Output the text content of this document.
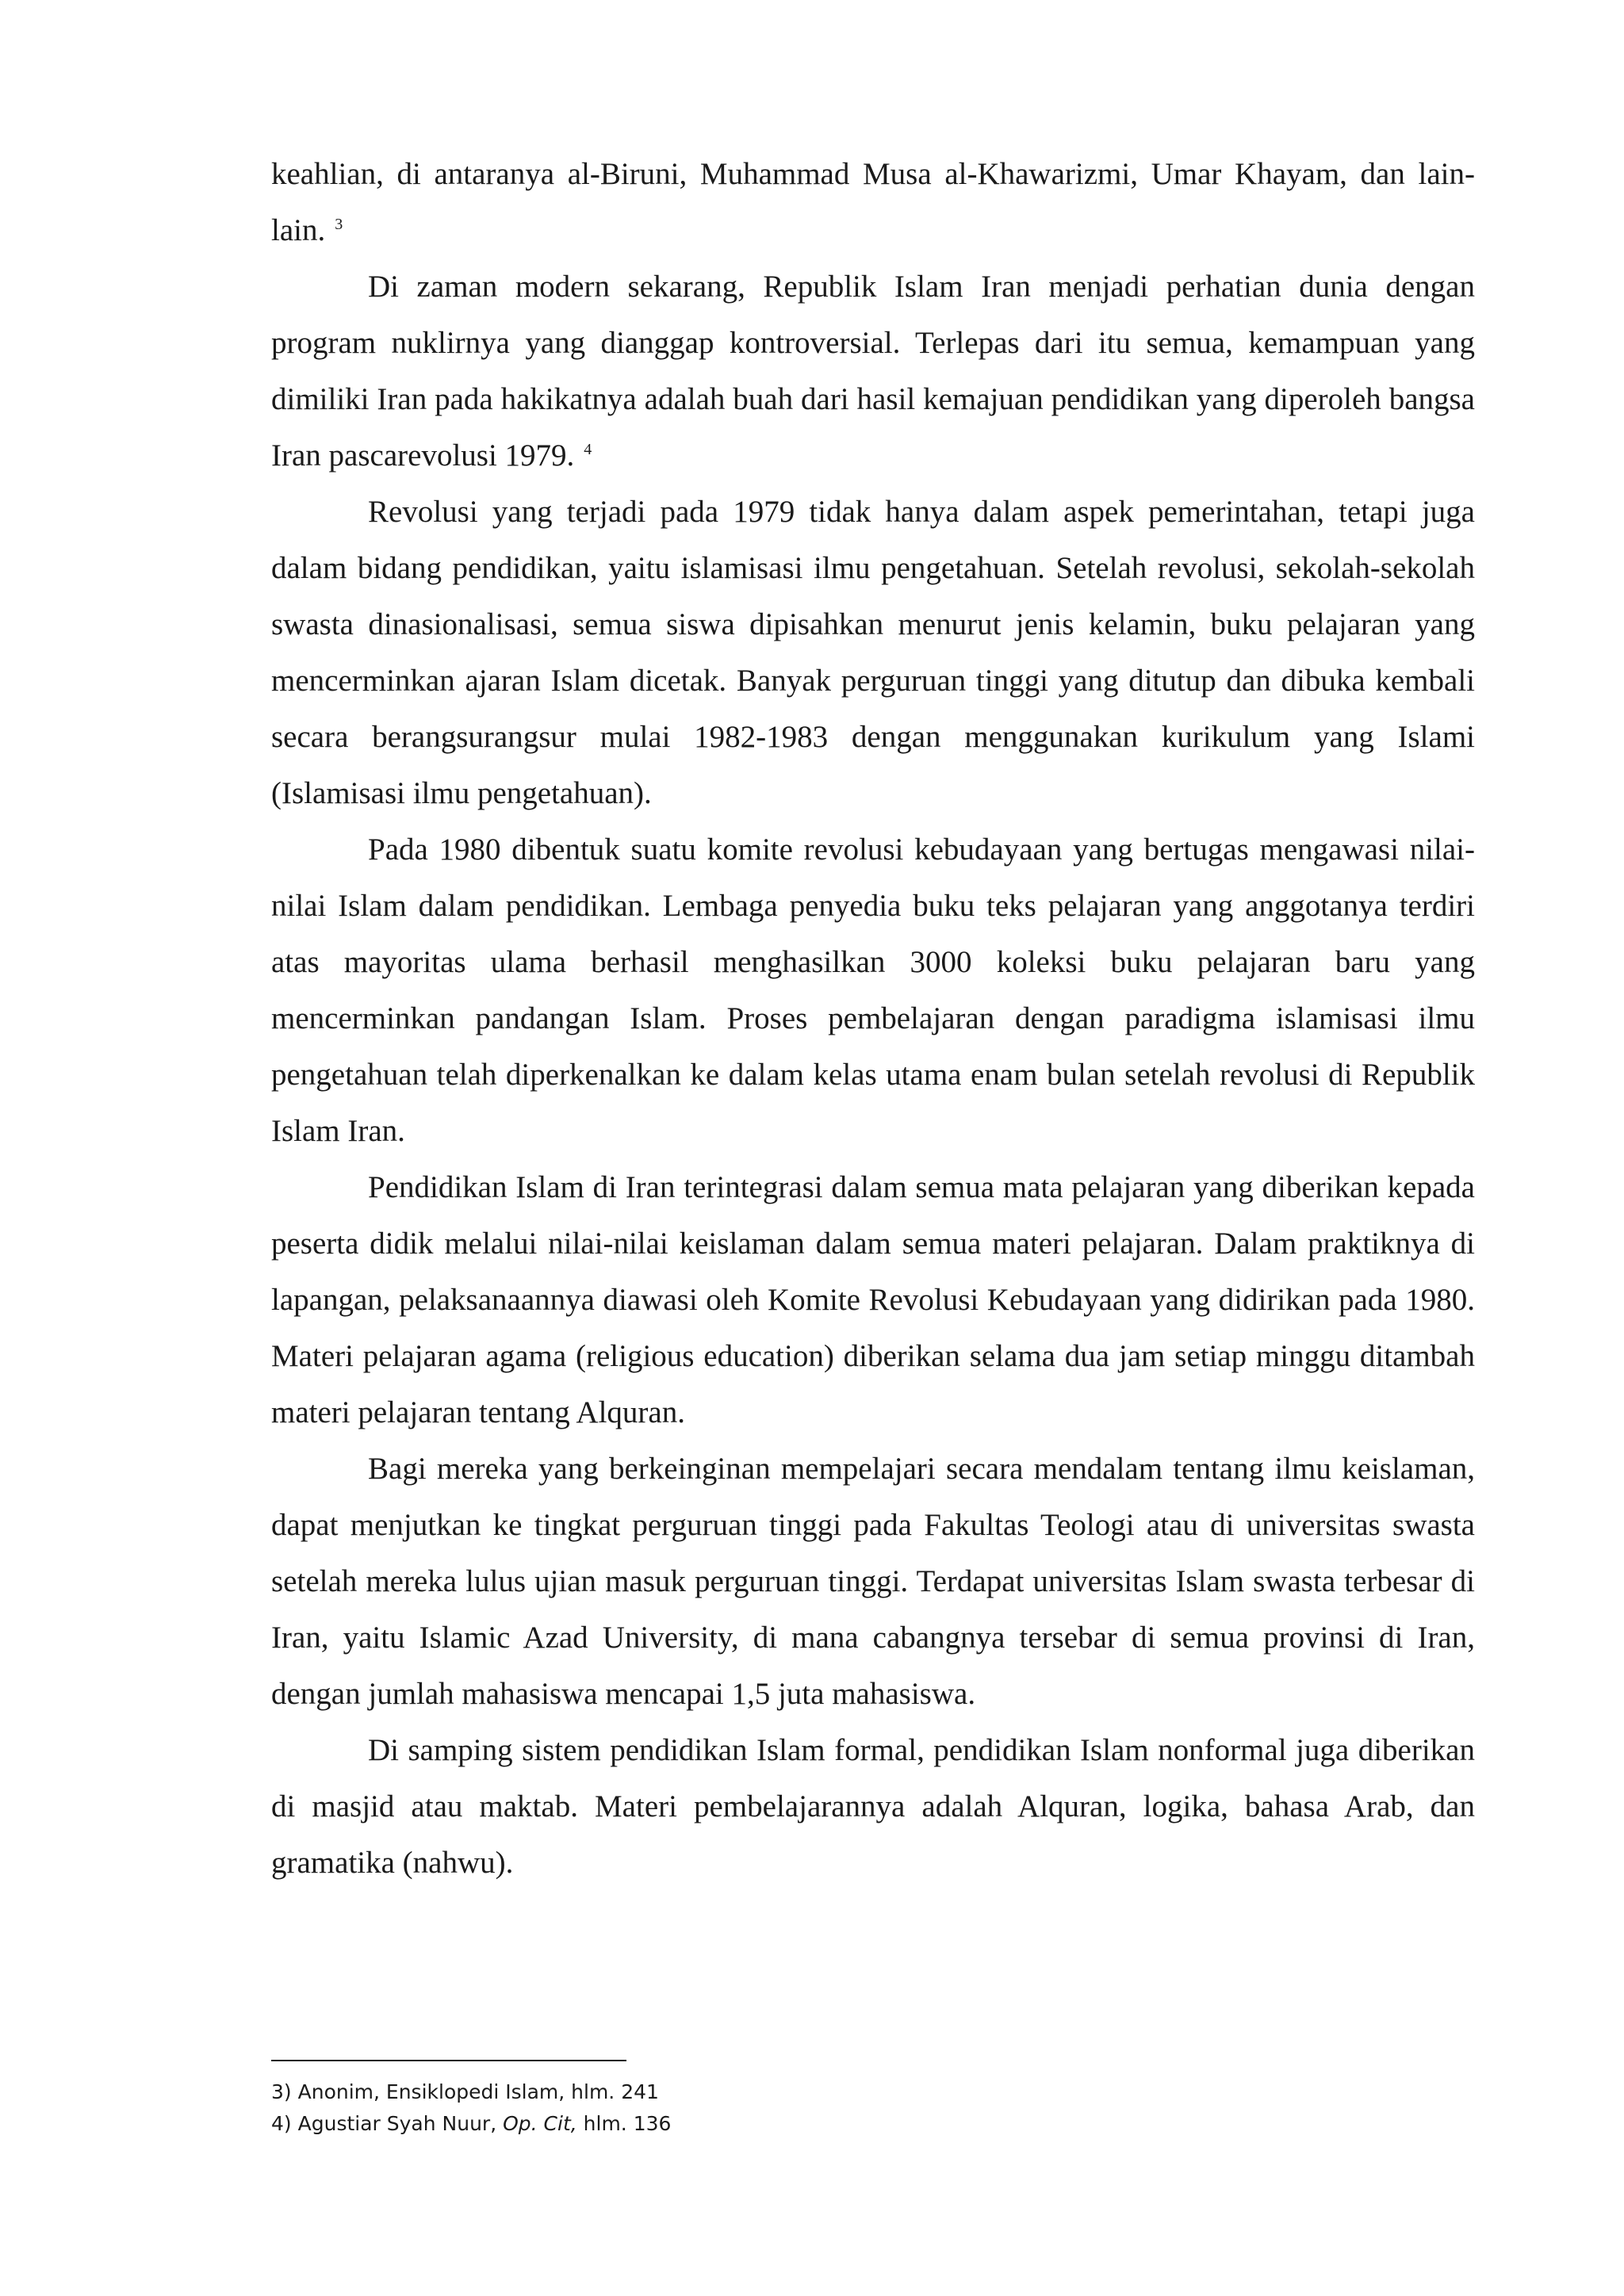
keahlian, di antaranya al-Biruni, Muhammad Musa al-Khawarizmi, Umar Khayam, dan lain-lain. $^3$

Di zaman modern sekarang, Republik Islam Iran menjadi perhatian dunia dengan program nuklirnya yang dianggap kontroversial. Terlepas dari itu semua, kemampuan yang dimiliki Iran pada hakikatnya adalah buah dari hasil kemajuan pendidikan yang diperoleh bangsa Iran pascarevolusi 1979. $^4$

Revolusi yang terjadi pada 1979 tidak hanya dalam aspek pemerintahan, tetapi juga dalam bidang pendidikan, yaitu islamisasi ilmu pengetahuan. Setelah revolusi, sekolah-sekolah swasta dinasionalisasi, semua siswa dipisahkan menurut jenis kelamin, buku pelajaran yang mencerminkan ajaran Islam dicetak. Banyak perguruan tinggi yang ditutup dan dibuka kembali secara berangsurangsur mulai 1982-1983 dengan menggunakan kurikulum yang Islami (Islamisasi ilmu pengetahuan).

Pada 1980 dibentuk suatu komite revolusi kebudayaan yang bertugas mengawasi nilai-nilai Islam dalam pendidikan. Lembaga penyedia buku teks pelajaran yang anggotanya terdiri atas mayoritas ulama berhasil menghasilkan 3000 koleksi buku pelajaran baru yang mencerminkan pandangan Islam. Proses pembelajaran dengan paradigma islamisasi ilmu pengetahuan telah diperkenalkan ke dalam kelas utama enam bulan setelah revolusi di Republik Islam Iran.

Pendidikan Islam di Iran terintegrasi dalam semua mata pelajaran yang diberikan kepada peserta didik melalui nilai-nilai keislaman dalam semua materi pelajaran. Dalam praktiknya di lapangan, pelaksanaannya diawasi oleh Komite Revolusi Kebudayaan yang didirikan pada 1980. Materi pelajaran agama (religious education) diberikan selama dua jam setiap minggu ditambah materi pelajaran tentang Alquran.

Bagi mereka yang berkeinginan mempelajari secara mendalam tentang ilmu keislaman, dapat menjutkan ke tingkat perguruan tinggi pada Fakultas Teologi atau di universitas swasta setelah mereka lulus ujian masuk perguruan tinggi. Terdapat universitas Islam swasta terbesar di Iran, yaitu Islamic Azad University, di mana cabangnya tersebar di semua provinsi di Iran, dengan jumlah mahasiswa mencapai 1,5 juta mahasiswa.

Di samping sistem pendidikan Islam formal, pendidikan Islam nonformal juga diberikan di masjid atau maktab. Materi pembelajarannya adalah Alquran, logika, bahasa Arab, dan gramatika (nahwu).

3) Anonim, Ensiklopedi Islam, hlm. 241
4) Agustiar Syah Nuur, Op. Cit, hlm. 136
